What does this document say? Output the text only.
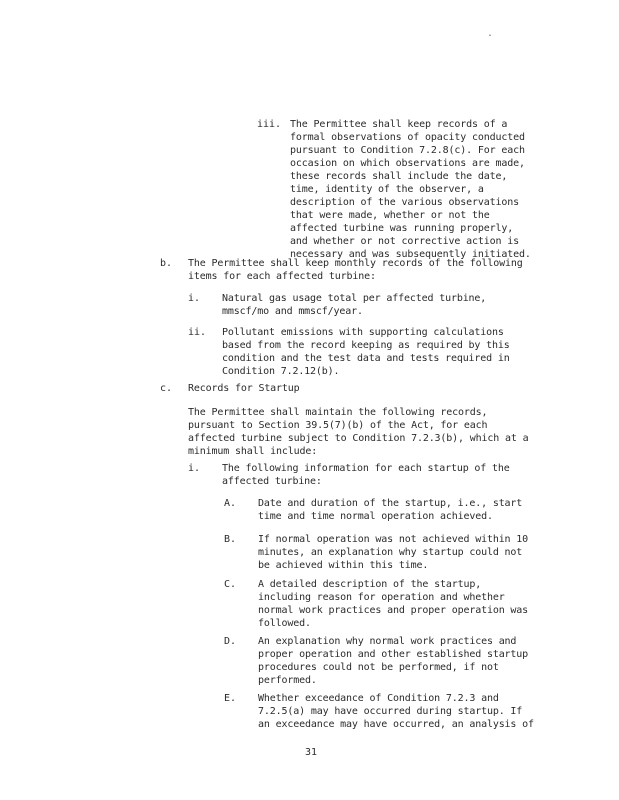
.
iii. The Permittee shall keep records of a
formal observations of opacity conducted
pursuant to Condition 7.2.8(c). For each
occasion on which observations are made,
these records shall include the date,
time, identity of the observer, a
description of the various observations
that were made, whether or not the
affected turbine was running properly,
and whether or not corrective action is
necessary and was subsequently initiated.
b. The Permittee shall keep monthly records of the following
items for each affected turbine:
i. Natural gas usage total per affected turbine,
mmscf/mo and mmscf/year.
ii. Pollutant emissions with supporting calculations
based from the record keeping as required by this
condition and the test data and tests required in
Condition 7.2.12(b).
c. Records for Startup
The Permittee shall maintain the following records,
pursuant to Section 39.5(7)(b) of the Act, for each
affected turbine subject to Condition 7.2.3(b), which at a
minimum shall include:
i. The following information for each startup of the
affected turbine:
A. Date and duration of the startup, i.e., start
time and time normal operation achieved.
B. If normal operation was not achieved within 10
minutes, an explanation why startup could not
be achieved within this time.
C. A detailed description of the startup,
including reason for operation and whether
normal work practices and proper operation was
followed.
D. An explanation why normal work practices and
proper operation and other established startup
procedures could not be performed, if not
performed.
E. Whether exceedance of Condition 7.2.3 and
7.2.5(a) may have occurred during startup. If
an exceedance may have occurred, an analysis of
31
